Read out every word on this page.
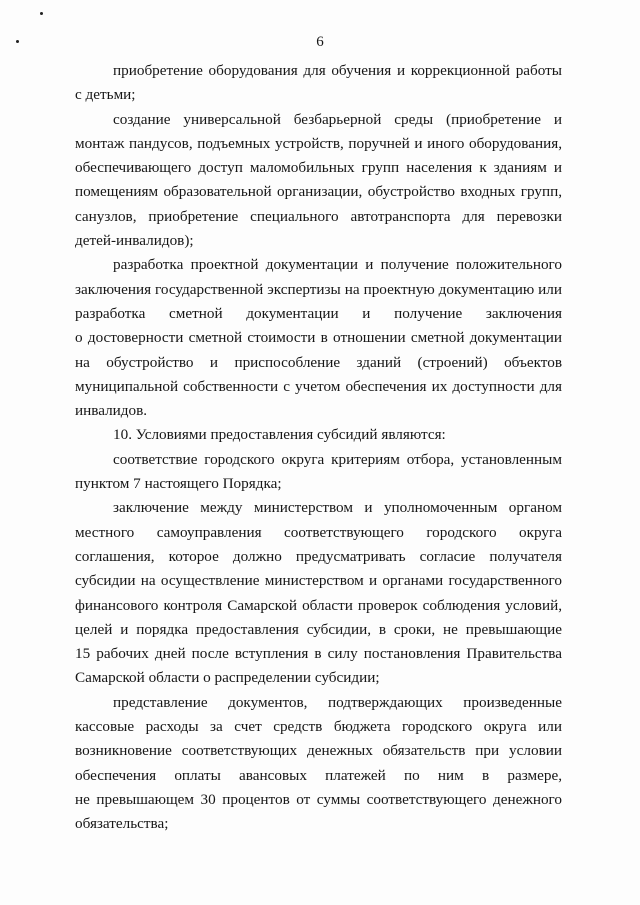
6

приобретение оборудования для обучения и коррекционной работы
с детьми;

создание универсальной безбарьерной среды (приобретение и
монтаж пандусов, подъемных устройств, поручней и иного оборудования,
обеспечивающего доступ маломобильных групп населения к зданиям и
помещениям образовательной организации, обустройство входных групп,
санузлов, приобретение специального автотранспорта для перевозки
детей-инвалидов);

разработка проектной документации и получение положительного
заключения государственной экспертизы на проектную документацию или
разработка сметной документации и получение заключения
о достоверности сметной стоимости в отношении сметной документации
на обустройство и приспособление зданий (строений) объектов
муниципальной собственности с учетом обеспечения их доступности для
инвалидов.

10. Условиями предоставления субсидий являются:

соответствие городского округа критериям отбора, установленным
пунктом 7 настоящего Порядка;

заключение между министерством и уполномоченным органом
местного самоуправления соответствующего городского округа
соглашения, которое должно предусматривать согласие получателя
субсидии на осуществление министерством и органами государственного
финансового контроля Самарской области проверок соблюдения условий,
целей и порядка предоставления субсидии, в сроки, не превышающие
15 рабочих дней после вступления в силу постановления Правительства
Самарской области о распределении субсидии;

представление документов, подтверждающих произведенные
кассовые расходы за счет средств бюджета городского округа или
возникновение соответствующих денежных обязательств при условии
обеспечения оплаты авансовых платежей по ним в размере,
не превышающем 30 процентов от суммы соответствующего денежного
обязательства;
